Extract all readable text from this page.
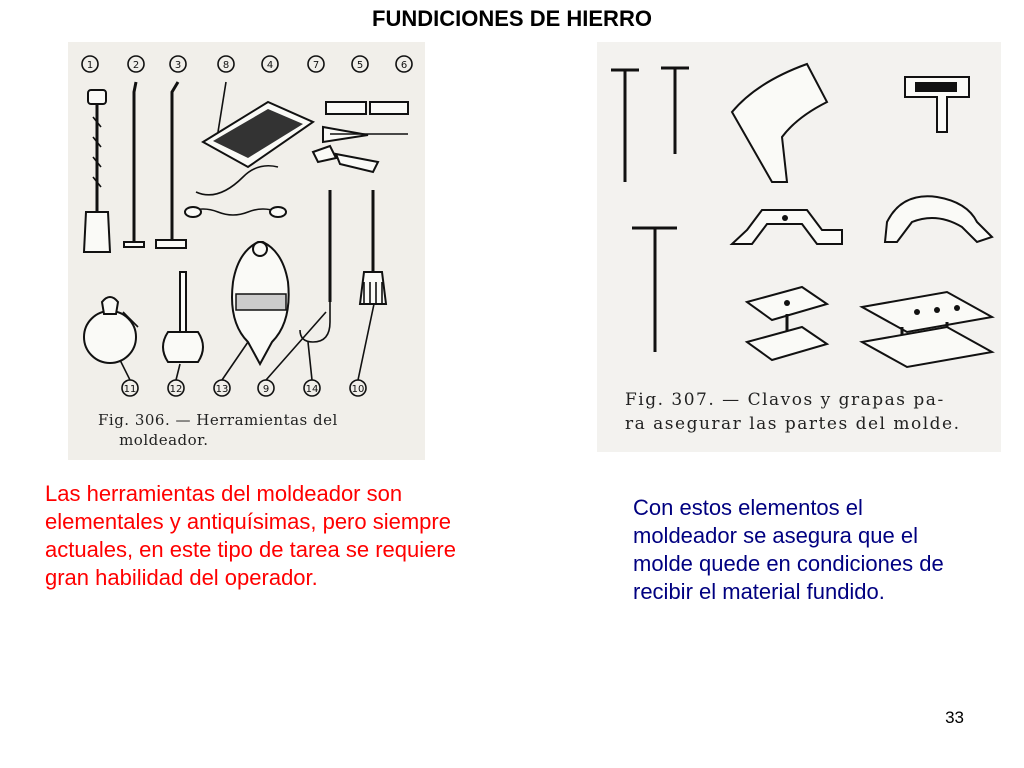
FUNDICIONES DE HIERRO
1	2	3	8	4	7	5	6
11	12	13	9	14	10
Fig. 306. — Herramientas del
moldeador.
Fig. 307. — Clavos y grapas pa-
ra asegurar las partes del molde.
Las herramientas del moldeador son elementales y antiquísimas, pero siempre actuales, en este tipo de tarea se requiere gran habilidad del operador.
Con estos elementos el moldeador se asegura que el molde quede en condiciones de recibir el material fundido.
33
